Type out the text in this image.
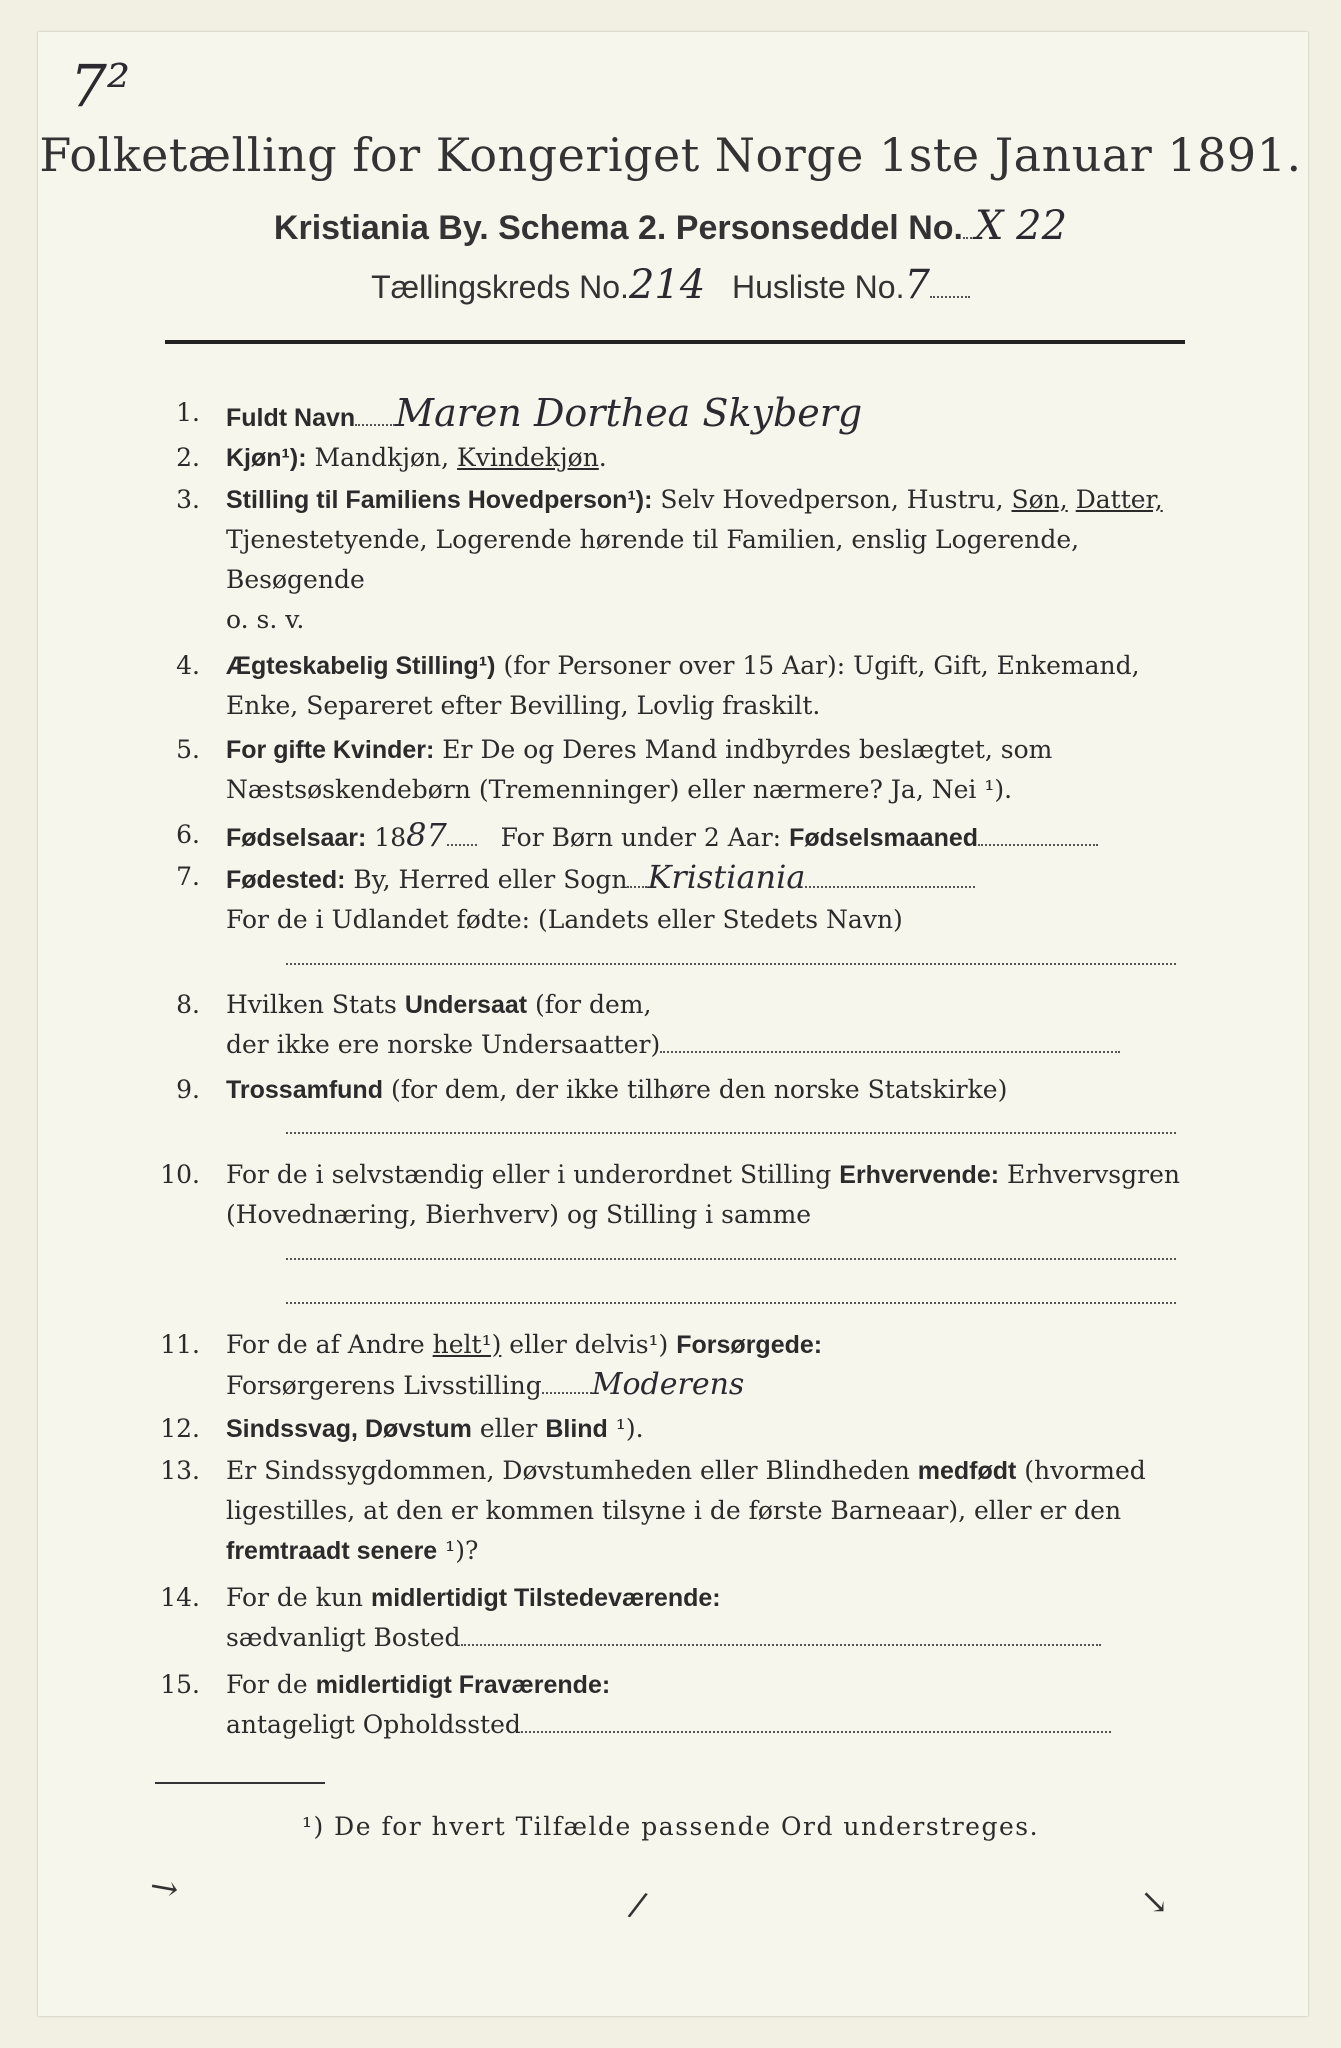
7²
Folketælling for Kongeriget Norge 1ste Januar 1891.
Kristiania By. Schema 2. Personseddel No. X 22
Tællingskreds No.214 Husliste No.7
1. Fuldt Navn Maren Dorthea Skyberg
2. Kjøn¹): Mandkjøn, Kvindekjøn.
3. Stilling til Familiens Hovedperson¹): Selv Hovedperson, Hustru, Søn, Datter, Tjenestetyende, Logerende hørende til Familien, enslig Logerende, Besøgende
o. s. v.
4. Ægteskabelig Stilling¹) (for Personer over 15 Aar): Ugift, Gift, Enkemand, Enke, Separeret efter Bevilling, Lovlig fraskilt.
5. For gifte Kvinder: Er De og Deres Mand indbyrdes beslægtet, som Næstsøskendebørn (Tremenninger) eller nærmere? Ja, Nei ¹).
6. Fødselsaar: 1887 For Børn under 2 Aar: Fødselsmaaned
7. Fødested: By, Herred eller Sogn Kristiania
For de i Udlandet fødte: (Landets eller Stedets Navn)
8. Hvilken Stats Undersaat (for dem,
der ikke ere norske Undersaatter)
9. Trossamfund (for dem, der ikke tilhøre den norske Statskirke)
10. For de i selvstændig eller i underordnet Stilling Erhvervende: Erhvervsgren (Hovednæring, Bierhverv) og Stilling i samme
11. For de af Andre helt¹) eller delvis¹) Forsørgede:
Forsørgerens Livsstilling Moderens
12. Sindssvag, Døvstum eller Blind ¹).
13. Er Sindssygdommen, Døvstumheden eller Blindheden medfødt (hvormed ligestilles, at den er kommen tilsyne i de første Barneaar), eller er den fremtraadt senere ¹)?
14. For de kun midlertidigt Tilstedeværende:
sædvanligt Bosted
15. For de midlertidigt Fraværende:
antageligt Opholdssted
¹) De for hvert Tilfælde passende Ord understreges.
↘	/	↘
